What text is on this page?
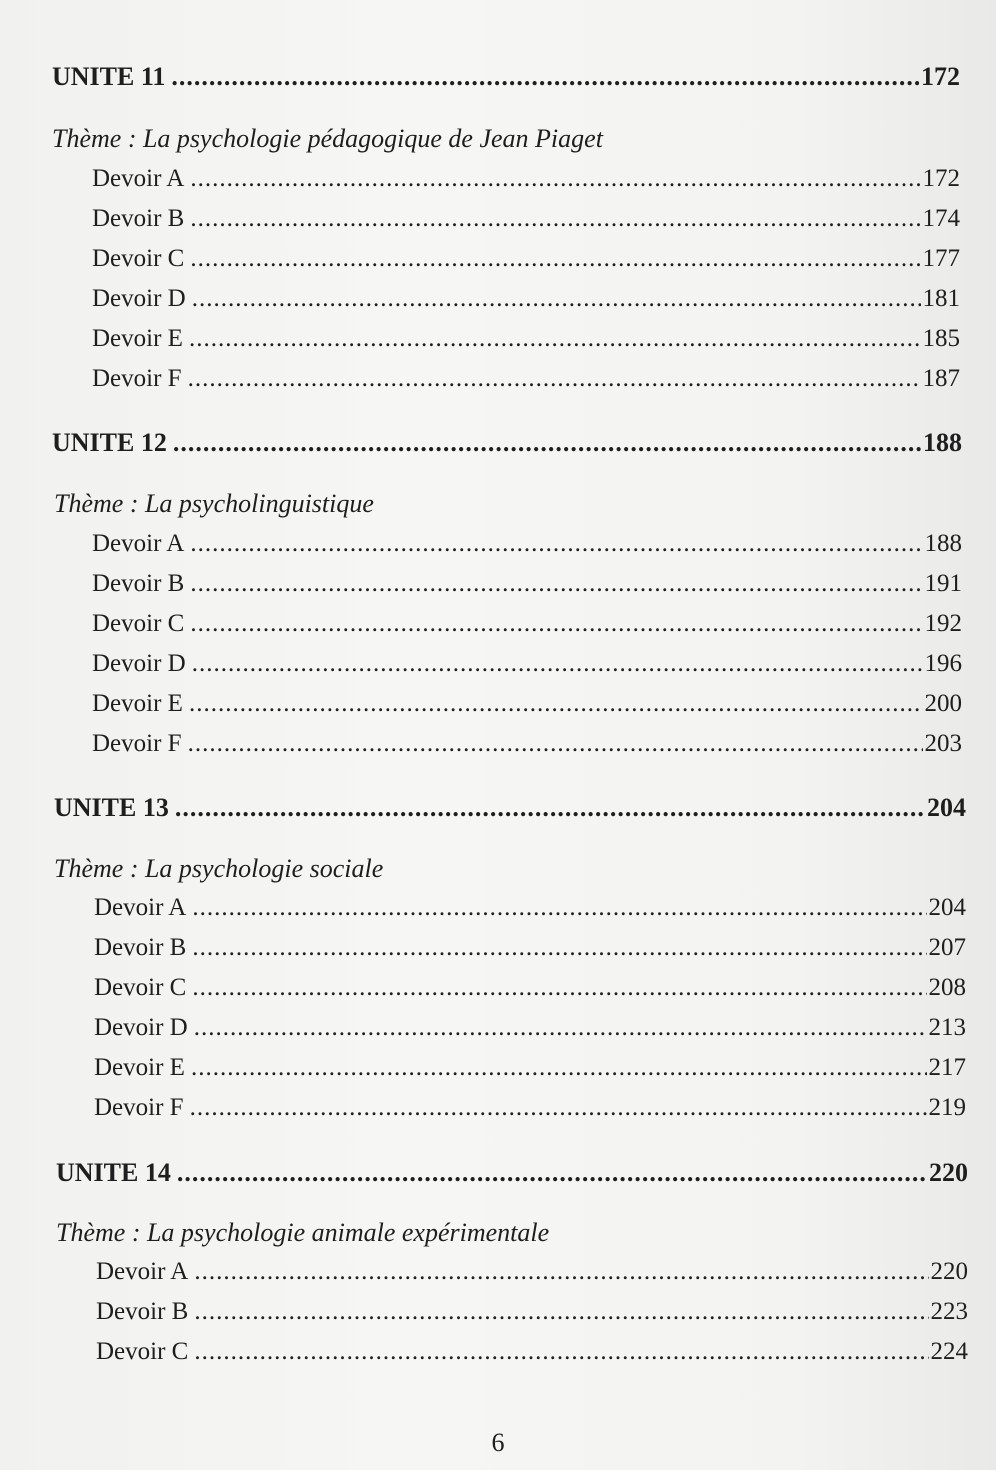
UNITE 11 .....	172
Thème : La psychologie pédagogique de Jean Piaget
Devoir A .....	172
Devoir B .....	174
Devoir C .....	177
Devoir D .....	181
Devoir E .....	185
Devoir F .....	187
UNITE 12 .....	188
Thème : La psycholinguistique
Devoir A .....	188
Devoir B .....	191
Devoir C .....	192
Devoir D .....	196
Devoir E .....	200
Devoir F .....	203
UNITE 13 .....	204
Thème : La psychologie sociale
Devoir A .....	204
Devoir B .....	207
Devoir C .....	208
Devoir D .....	213
Devoir E .....	217
Devoir F .....	219
UNITE 14 .....	220
Thème : La psychologie animale expérimentale
Devoir A .....	220
Devoir B .....	223
Devoir C .....	224
6
